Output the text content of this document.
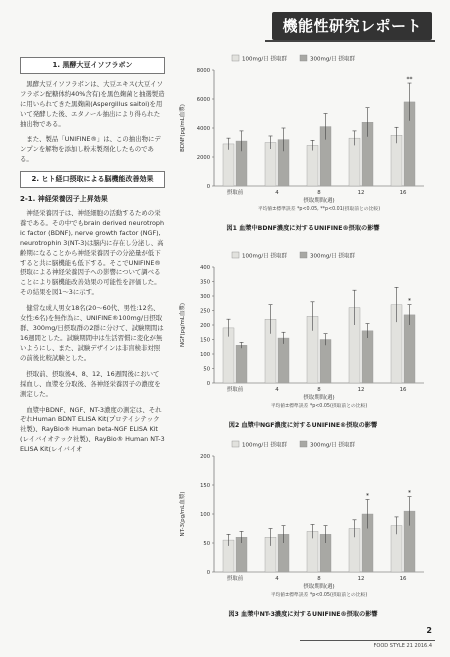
機能性研究レポート
1. 黒酵大豆イソフラボン

黒酵大豆イソフラボンは、大豆エキス(大豆イソフラボン配糖体約40%含有)を黒色麹菌と抽選製造に用いられてきた黒麹菌(Aspergillus saitoi)を用いて発酵した後、エタノール抽出により得られた抽出物である。

また、製品「UNIFINE®」は、この抽出物にデンプンを解物を添加し粉末製剤化したものである。

2. ヒト経口摂取による脳機能改善効果
2-1. 神経栄養因子上昇効果

神経栄養因子は、神経細胞の活動するための栄養である。その中でもbrain derived neurotrophic factor (BDNF), nerve growth factor (NGF), neurotrophin 3(NT-3)は脳内に存在し分泌し、高齢期になることから神経栄養因子の分泌量が低下すると共に脳機能も低下する。そこでUNIFINE®摂取による神経栄養因子への影響について調べることにより脳機能改善効果の可能性を評価した。その結果を図1〜3に示す。

健常な成人男女18名(20〜60代、男性:12名、女性:6名)を無作為に、UNIFINE®100mg/日摂取群、300mg/日摂取群の2群に分けて、試験期間は16週間とした。試験期間中は生活習慣に変化が無いようにし、また、試験デザインは非盲検非対照の前後比較試験とした。

摂取前、摂取後4、8、12、16週間後において採血し、血漿を分取後、各神経栄養因子の濃度を測定した。

血漿中BDNF、NGF、NT-3濃度の測定は、それぞれHuman BDNT ELISA Kit(プロテイシテック社製)、RayBio® Human beta-NGF ELISA Kit(レイバイオテック社製)、RayBio® Human NT-3 ELISA Kit(レイバイオ

100mg/日 摂取群	300mg/日 摂取群
0
2000
4000
6000
8000
BDNF(pg/mL血漿)
摂取前	4	8	12
**
16
摂取期間(週)
平均値±標準誤差 *p<0.05, **p<0.01(摂取前との比較)
図1 血漿中BDNF濃度に対するUNIFINE®摂取の影響
100mg/日 摂取群	300mg/日 摂取群
0
50
100
150
200
250
300
350
400
NGF(pg/mL血漿)
摂取前	4	8	12
*
16
摂取期間(週)
平均値±標準誤差 *p<0.05(摂取前との比較)
図2 血漿中NGF濃度に対するUNIFINE®摂取の影響
100mg/日 摂取群	300mg/日 摂取群
0
50
100
150
200
NT-3(pg/mL血漿)
摂取前	4	8
*
12
*
16
摂取期間(週)
平均値±標準誤差 *p<0.05(摂取前との比較)
図3 血漿中NT-3濃度に対するUNIFINE®摂取の影響
2
FOOD STYLE 21 2016.4
